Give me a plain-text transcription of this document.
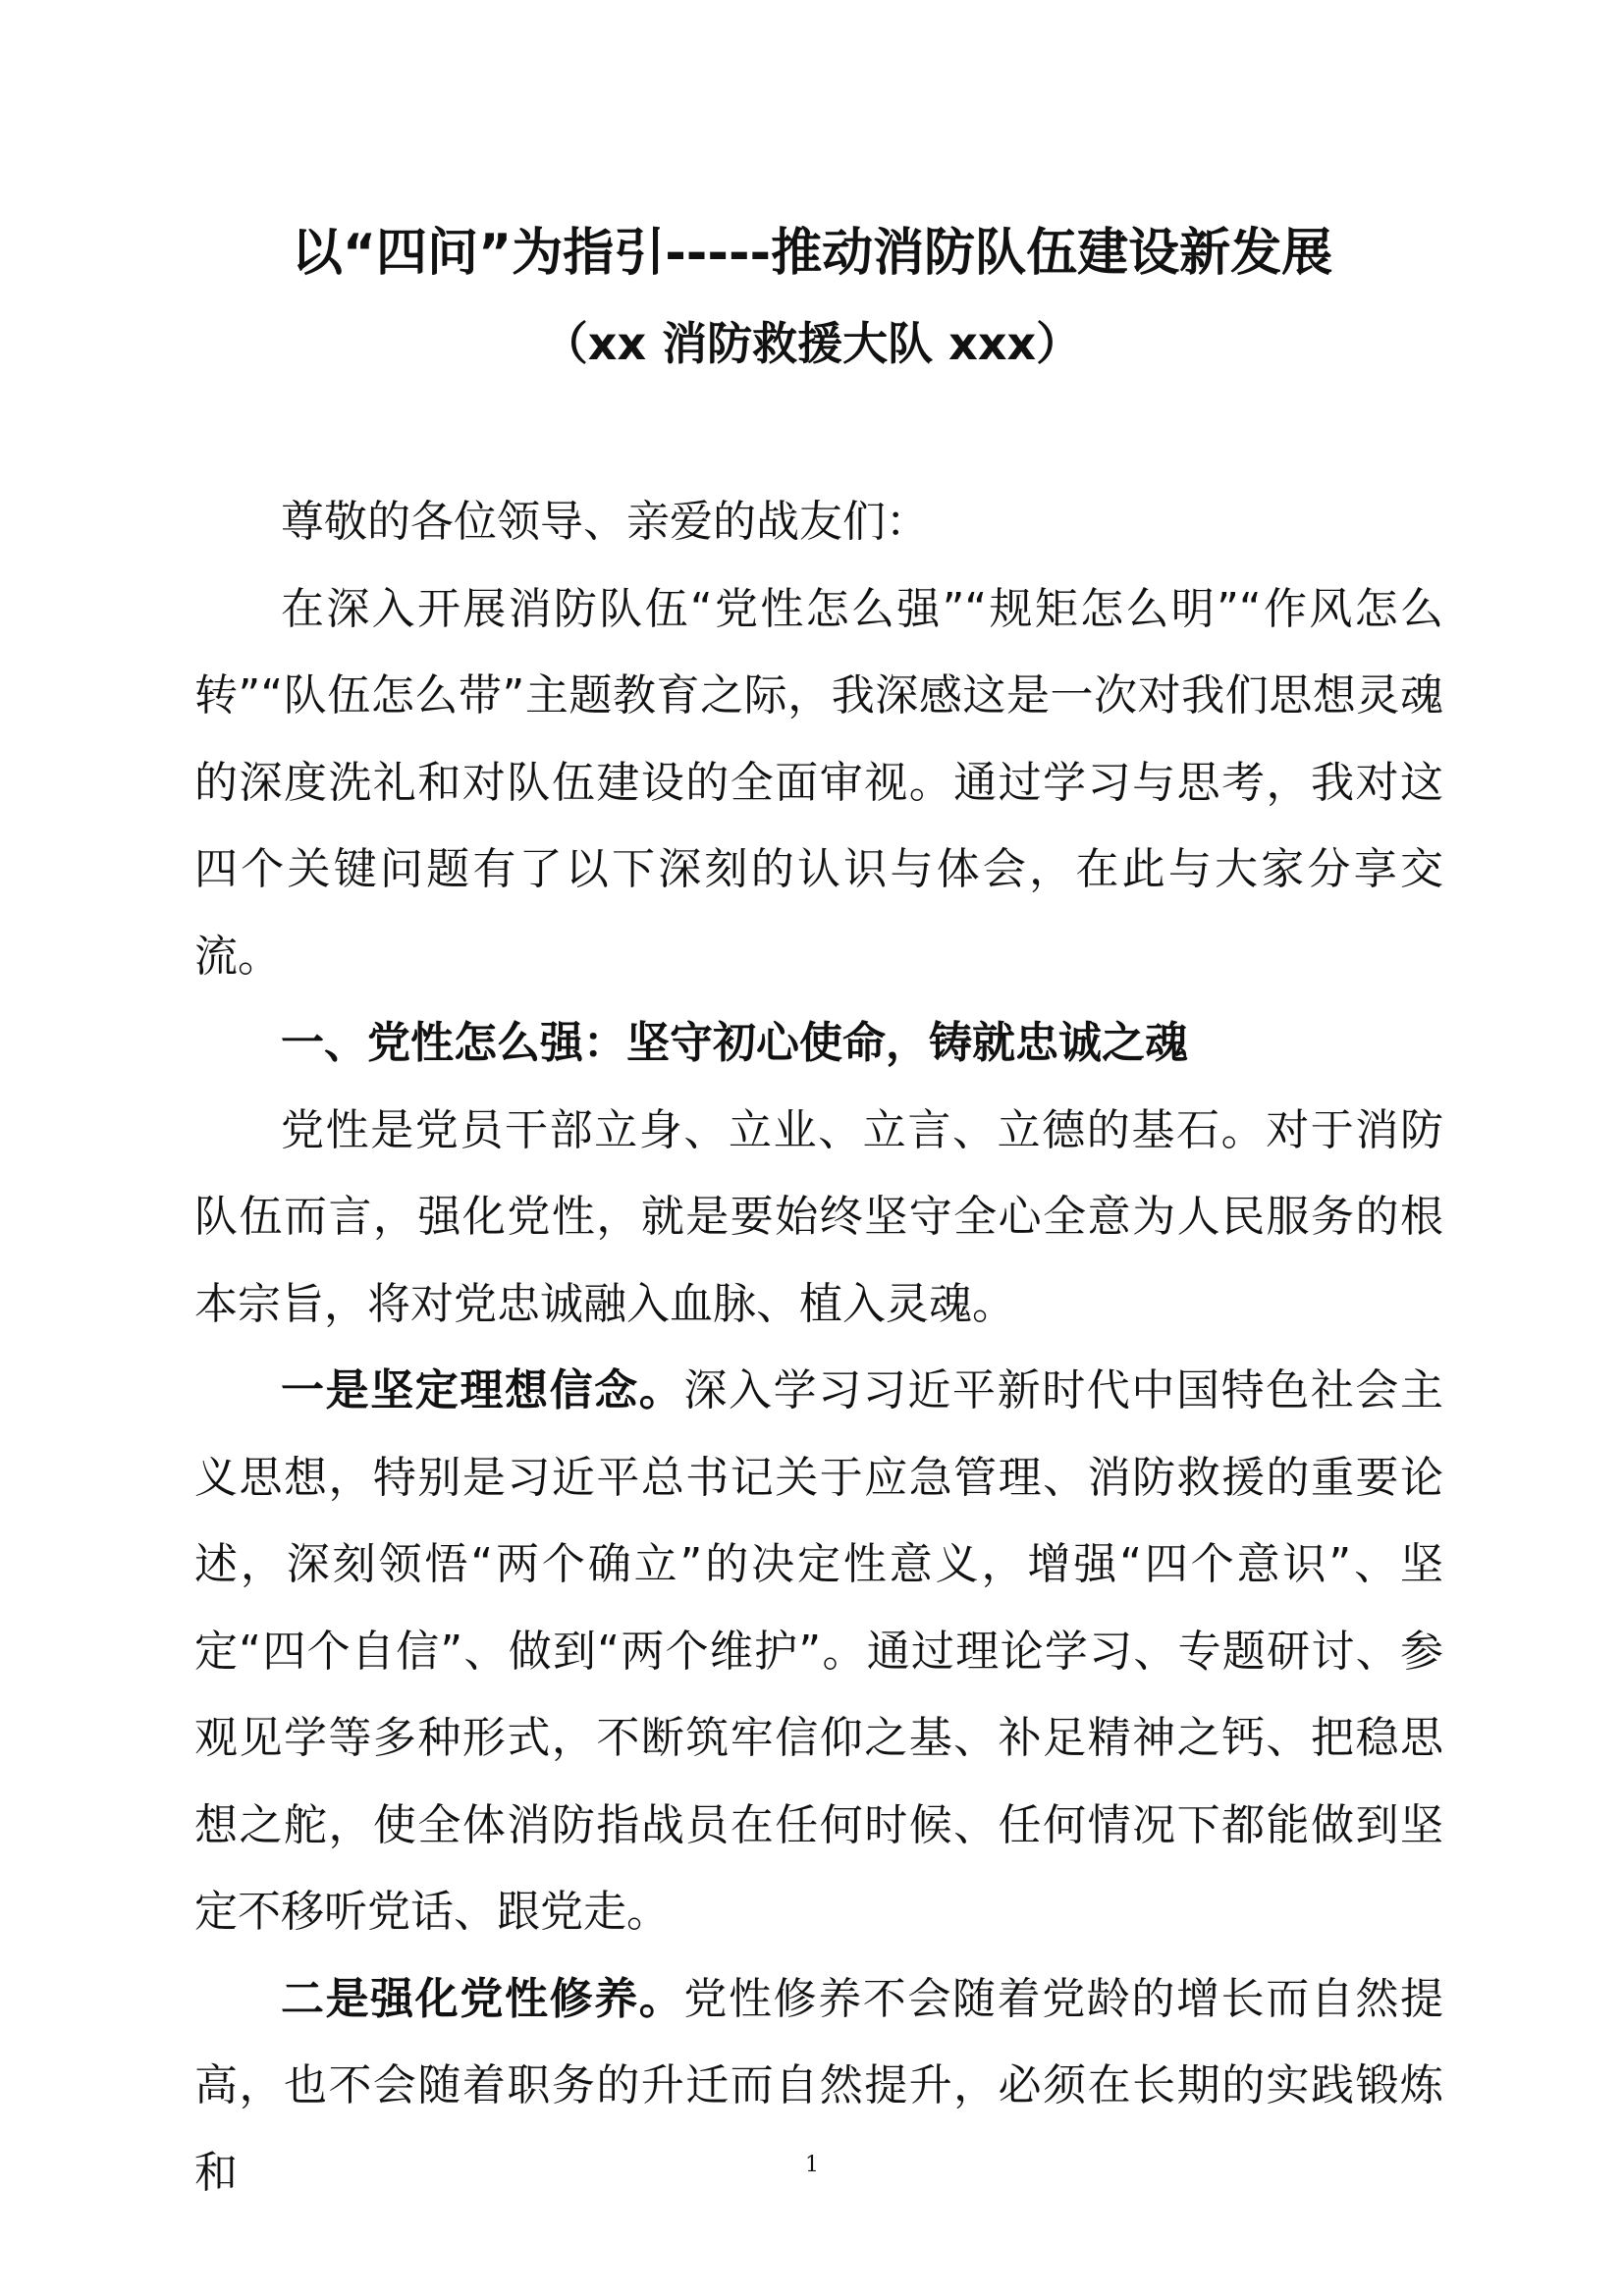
以“四问”为指引-----推动消防队伍建设新发展
（xx 消防救援大队 xxx）

尊敬的各位领导、亲爱的战友们：

在深入开展消防队伍“党性怎么强”“规矩怎么明”“作风怎么转”“队伍怎么带”主题教育之际，我深感这是一次对我们思想灵魂的深度洗礼和对队伍建设的全面审视。通过学习与思考，我对这四个关键问题有了以下深刻的认识与体会，在此与大家分享交流。

一、党性怎么强：坚守初心使命，铸就忠诚之魂

党性是党员干部立身、立业、立言、立德的基石。对于消防队伍而言，强化党性，就是要始终坚守全心全意为人民服务的根本宗旨，将对党忠诚融入血脉、植入灵魂。

一是坚定理想信念。深入学习习近平新时代中国特色社会主义思想，特别是习近平总书记关于应急管理、消防救援的重要论述，深刻领悟“两个确立”的决定性意义，增强“四个意识”、坚定“四个自信”、做到“两个维护”。通过理论学习、专题研讨、参观见学等多种形式，不断筑牢信仰之基、补足精神之钙、把稳思想之舵，使全体消防指战员在任何时候、任何情况下都能做到坚定不移听党话、跟党走。

二是强化党性修养。党性修养不会随着党龄的增长而自然提高，也不会随着职务的升迁而自然提升，必须在长期的实践锻炼和	1
